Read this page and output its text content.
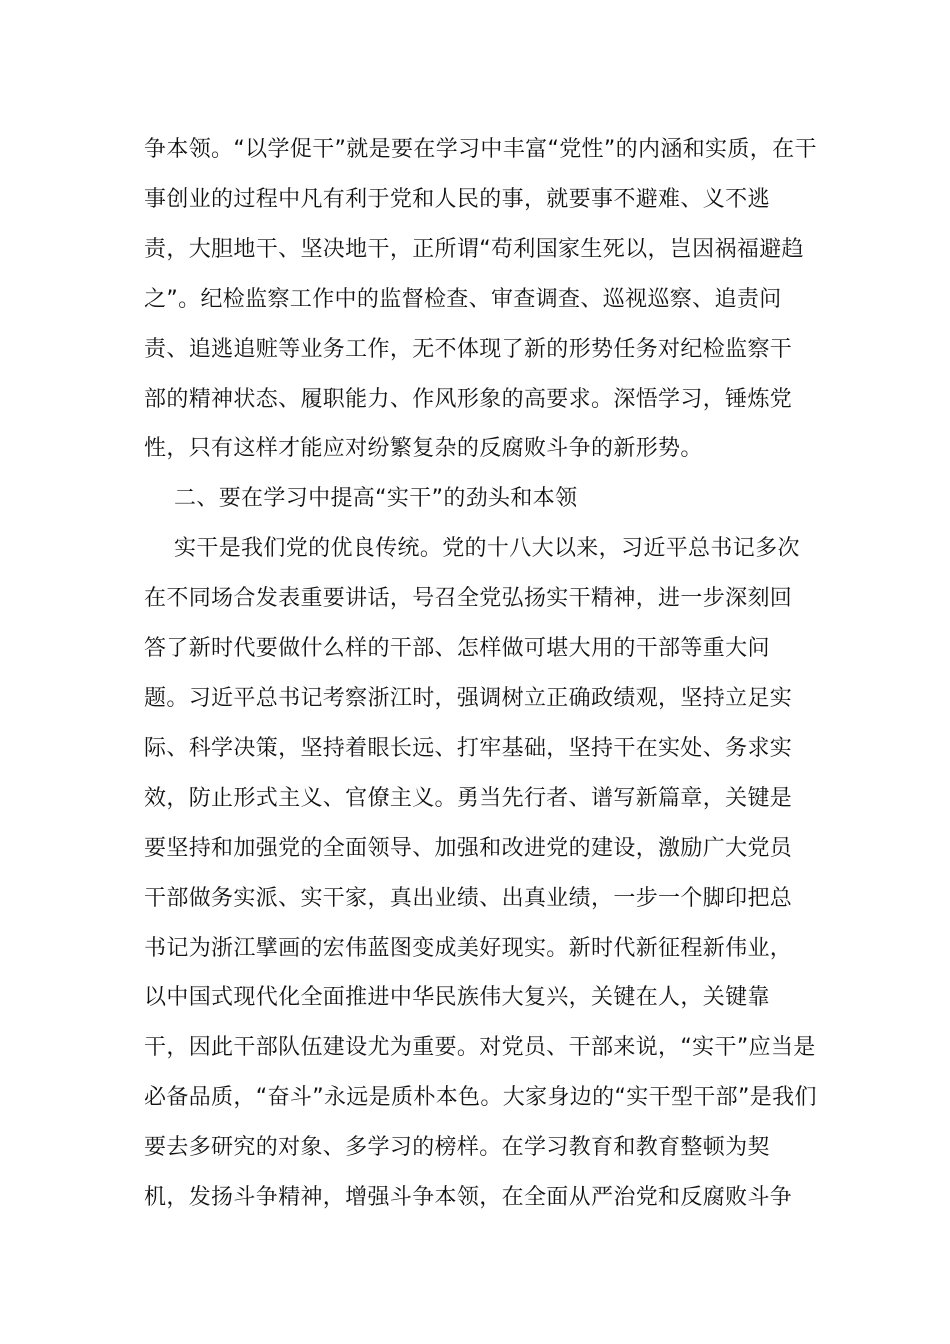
争本领。“以学促干”就是要在学习中丰富“党性”的内涵和实质，在干
事创业的过程中凡有利于党和人民的事，就要事不避难、义不逃
责，大胆地干、坚决地干，正所谓“苟利国家生死以，岂因祸福避趋
之”。纪检监察工作中的监督检查、审查调查、巡视巡察、追责问
责、追逃追赃等业务工作，无不体现了新的形势任务对纪检监察干
部的精神状态、履职能力、作风形象的高要求。深悟学习，锤炼党
性，只有这样才能应对纷繁复杂的反腐败斗争的新形势。

二、要在学习中提高“实干”的劲头和本领

实干是我们党的优良传统。党的十八大以来，习近平总书记多次
在不同场合发表重要讲话，号召全党弘扬实干精神，进一步深刻回
答了新时代要做什么样的干部、怎样做可堪大用的干部等重大问
题。习近平总书记考察浙江时，强调树立正确政绩观，坚持立足实
际、科学决策，坚持着眼长远、打牢基础，坚持干在实处、务求实
效，防止形式主义、官僚主义。勇当先行者、谱写新篇章，关键是
要坚持和加强党的全面领导、加强和改进党的建设，激励广大党员
干部做务实派、实干家，真出业绩、出真业绩，一步一个脚印把总
书记为浙江擘画的宏伟蓝图变成美好现实。新时代新征程新伟业，
以中国式现代化全面推进中华民族伟大复兴，关键在人，关键靠
干，因此干部队伍建设尤为重要。对党员、干部来说，“实干”应当是
必备品质，“奋斗”永远是质朴本色。大家身边的“实干型干部”是我们
要去多研究的对象、多学习的榜样。在学习教育和教育整顿为契
机，发扬斗争精神，增强斗争本领，在全面从严治党和反腐败斗争
